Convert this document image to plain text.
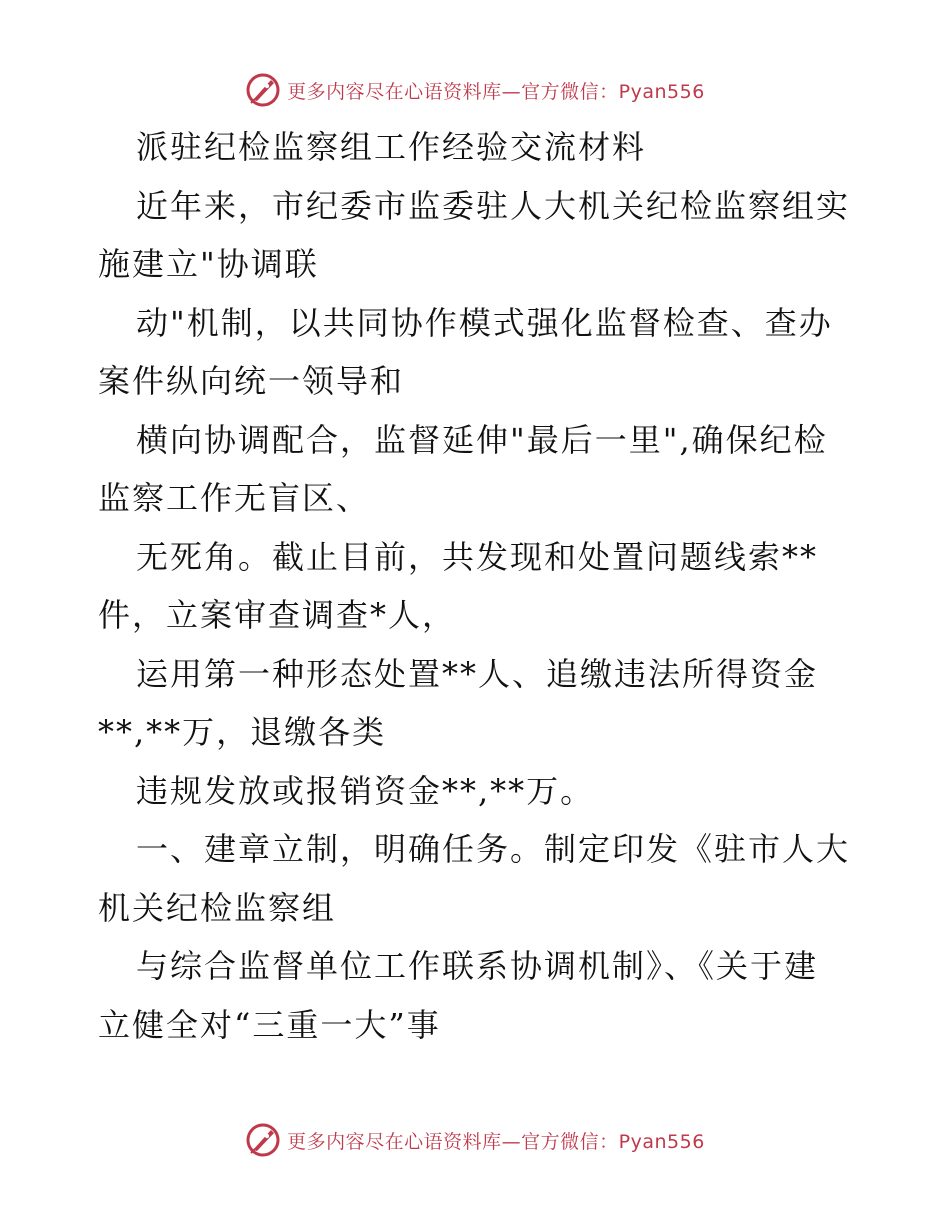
更多内容尽在心语资料库—官方微信：Pyan556

派驻纪检监察组工作经验交流材料

近年来，市纪委市监委驻人大机关纪检监察组实

施建立"协调联

动"机制，以共同协作模式强化监督检查、查办

案件纵向统一领导和

横向协调配合，监督延伸"最后一里",确保纪检

监察工作无盲区、

无死角。截止目前，共发现和处置问题线索**

件，立案审查调查*人，

运用第一种形态处置**人、追缴违法所得资金

**,**万，退缴各类

违规发放或报销资金**,**万。

一、建章立制，明确任务。制定印发《驻市人大

机关纪检监察组

与综合监督单位工作联系协调机制》、《关于建

立健全对“三重一大”事

更多内容尽在心语资料库—官方微信：Pyan556
